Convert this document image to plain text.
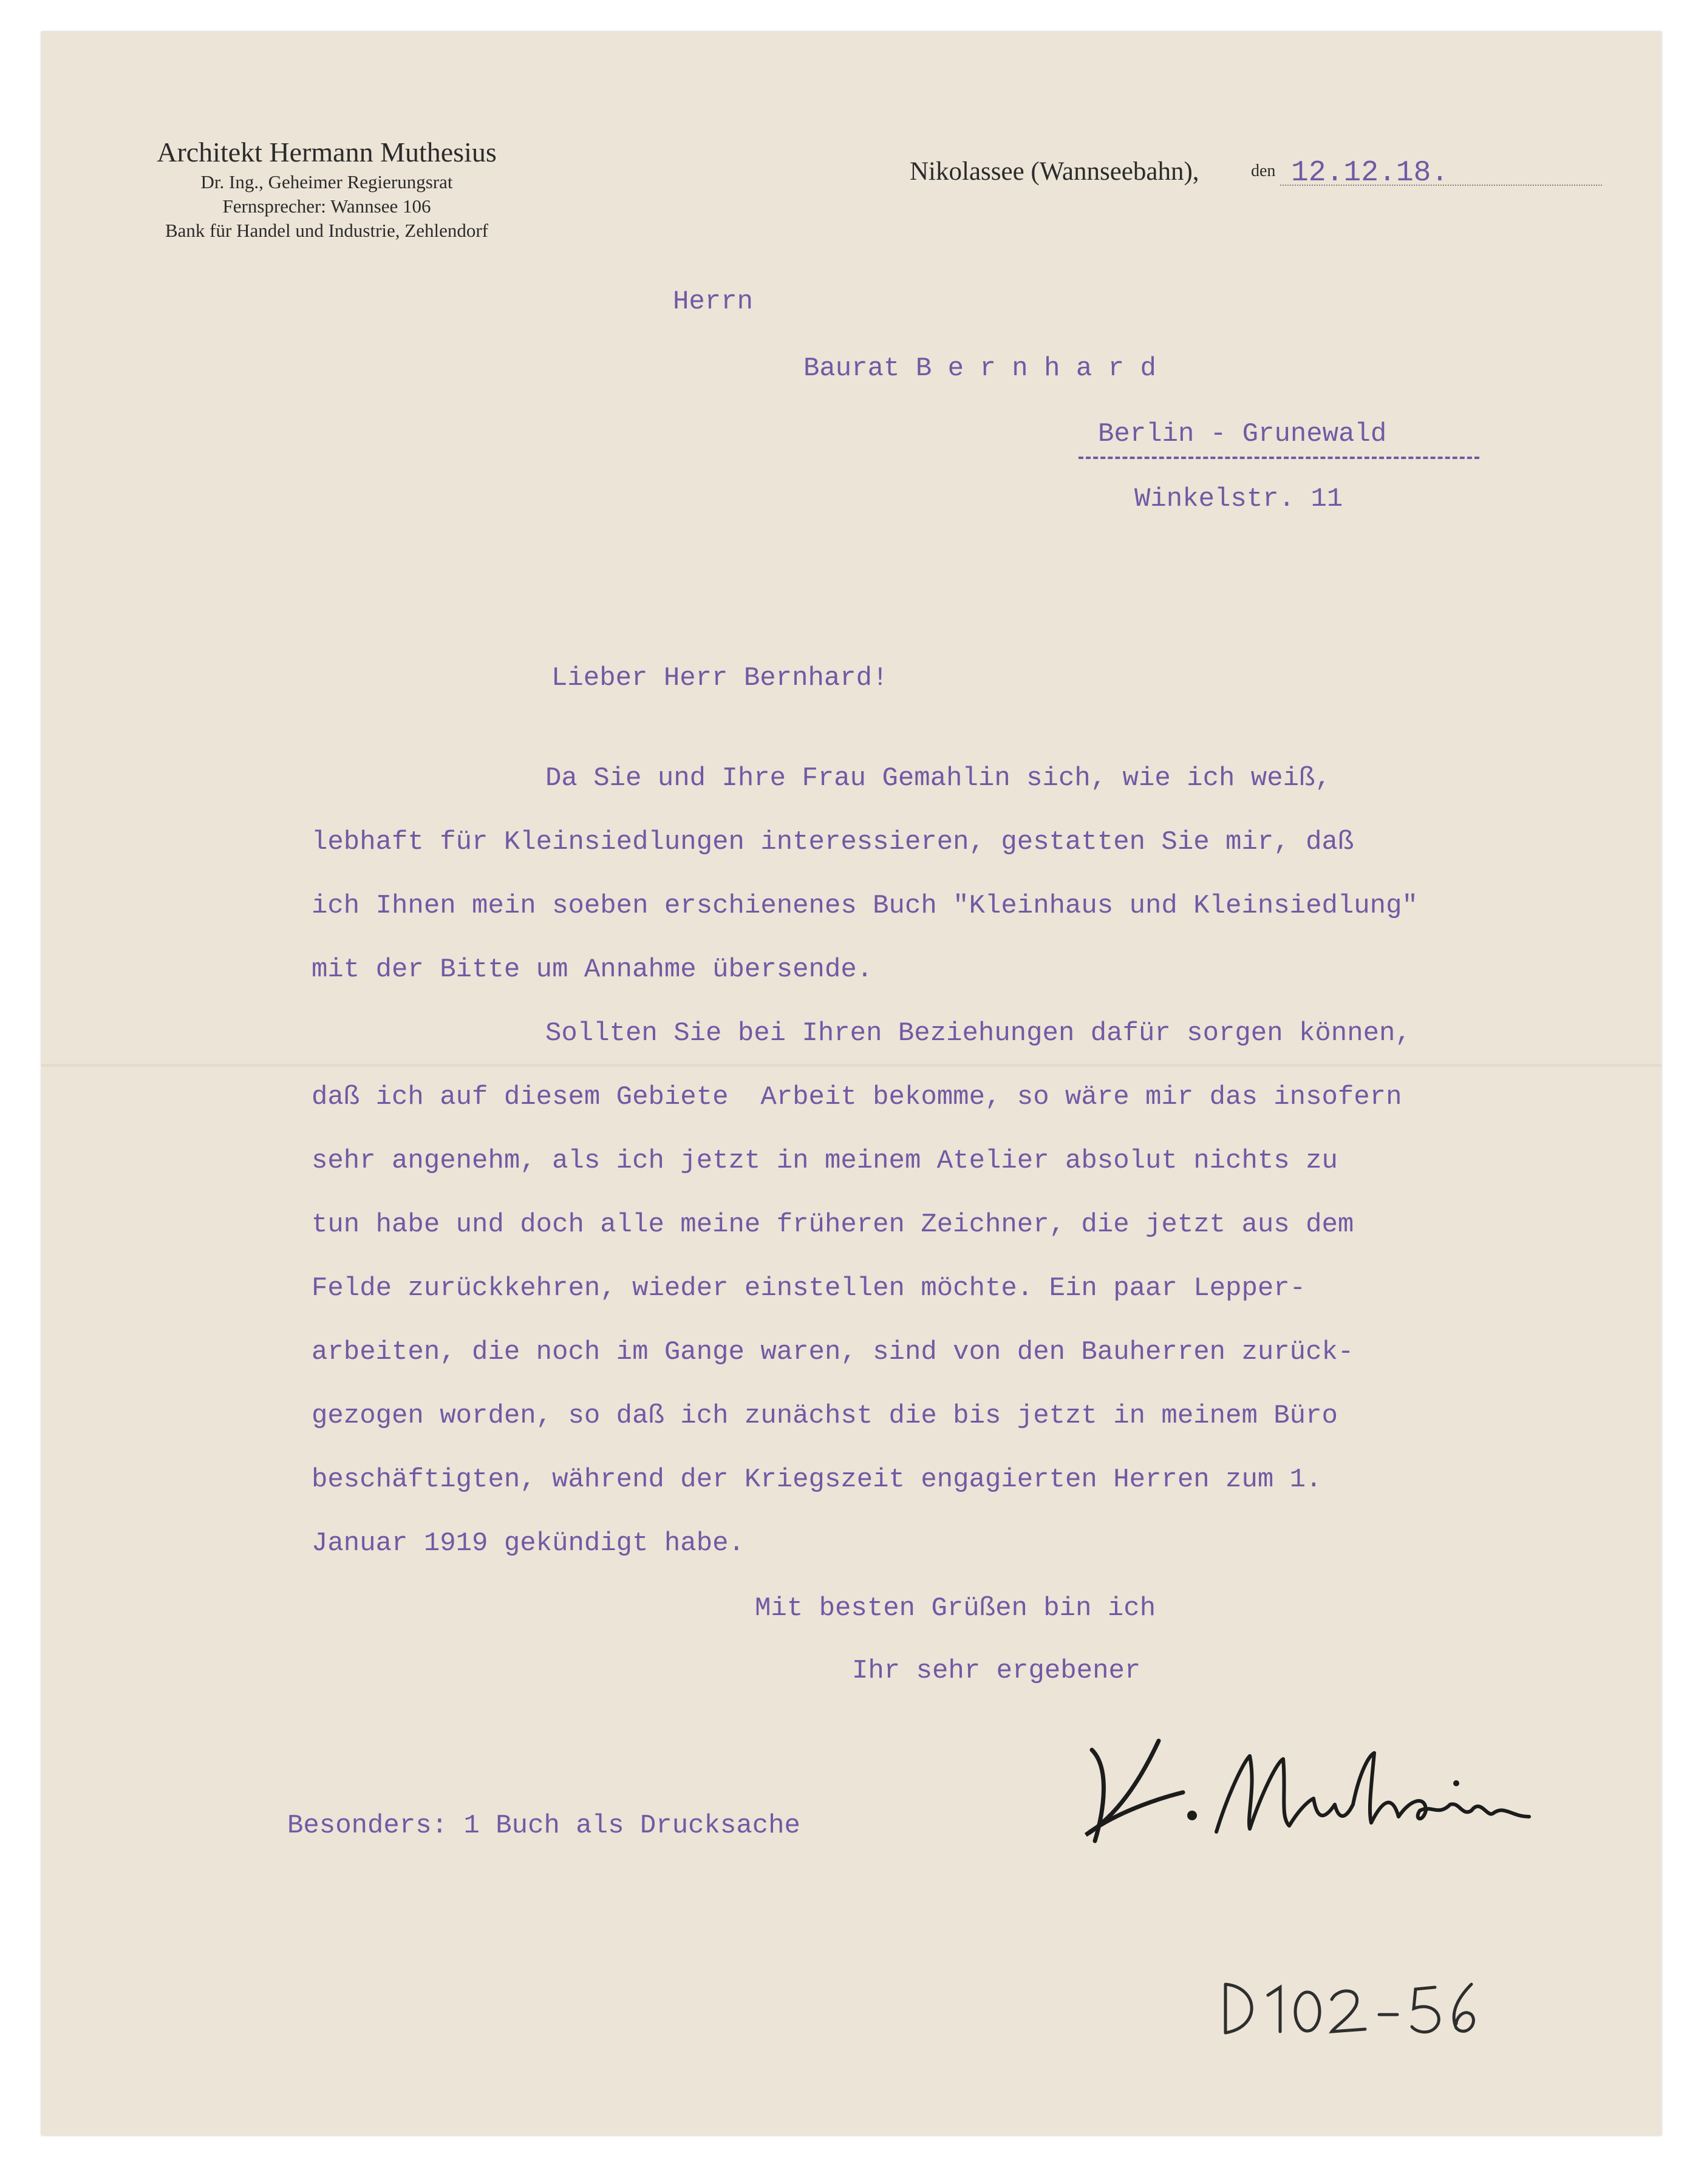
Architekt Hermann Muthesius
Dr. Ing., Geheimer Regierungsrat
Fernsprecher: Wannsee 106
Bank für Handel und Industrie, Zehlendorf
Nikolassee (Wannseebahn),	den 12.12.18.
Herrn
Baurat B e r n h a r d
Berlin - Grunewald
Winkelstr. 11
Lieber Herr Bernhard!
Da Sie und Ihre Frau Gemahlin sich, wie ich weiß,
lebhaft für Kleinsiedlungen interessieren, gestatten Sie mir, daß
ich Ihnen mein soeben erschienenes Buch "Kleinhaus und Kleinsiedlung"
mit der Bitte um Annahme übersende.
Sollten Sie bei Ihren Beziehungen dafür sorgen können,
daß ich auf diesem Gebiete  Arbeit bekomme, so wäre mir das insofern
sehr angenehm, als ich jetzt in meinem Atelier absolut nichts zu
tun habe und doch alle meine früheren Zeichner, die jetzt aus dem
Felde zurückkehren, wieder einstellen möchte. Ein paar Lepper-
arbeiten, die noch im Gange waren, sind von den Bauherren zurück-
gezogen worden, so daß ich zunächst die bis jetzt in meinem Büro
beschäftigten, während der Kriegszeit engagierten Herren zum 1.
Januar 1919 gekündigt habe.
Mit besten Grüßen bin ich
Ihr sehr ergebener
Besonders: 1 Buch als Drucksache
